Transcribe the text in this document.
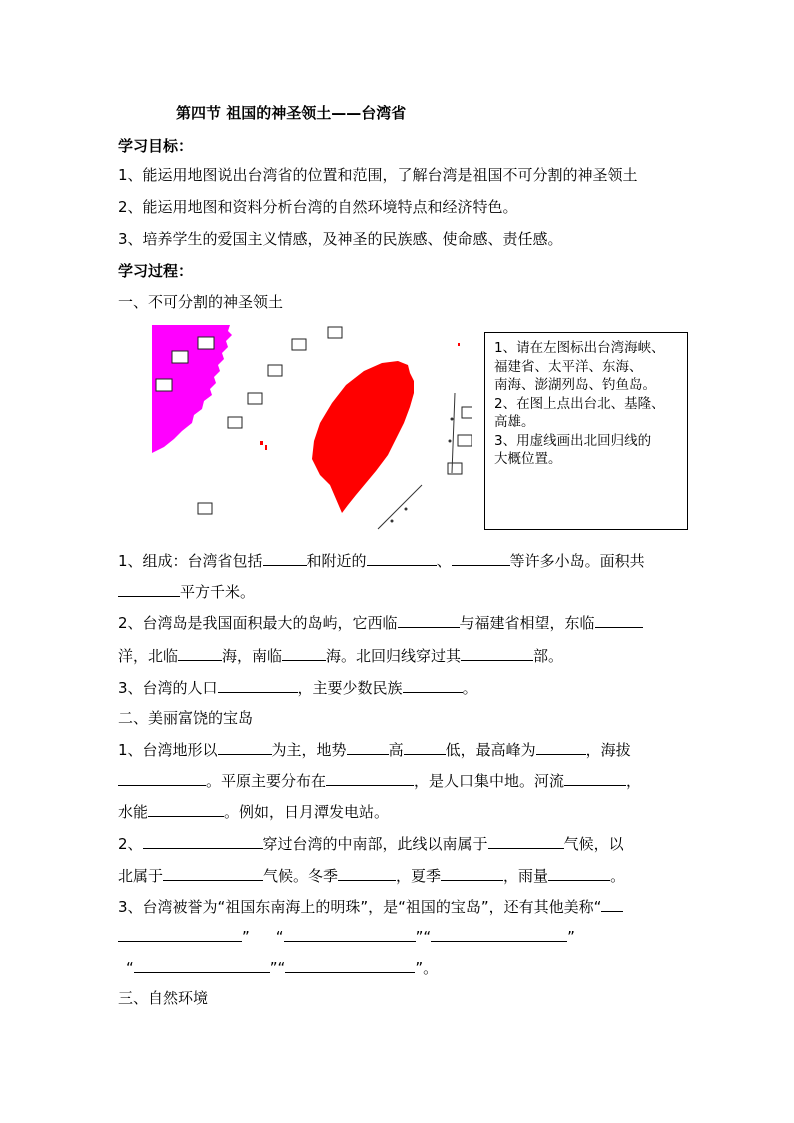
第四节 祖国的神圣领土——台湾省
学习目标：
1、能运用地图说出台湾省的位置和范围，了解台湾是祖国不可分割的神圣领土
2、能运用地图和资料分析台湾的自然环境特点和经济特色。
3、培养学生的爱国主义情感，及神圣的民族感、使命感、责任感。
学习过程：
一、不可分割的神圣领土
1、请在左图标出台湾海峡、
福建省、太平洋、东海、
南海、澎湖列岛、钓鱼岛。
2、在图上点出台北、基隆、
高雄。
3、用虚线画出北回归线的
大概位置。
1、组成：台湾省包括	和附近的	、	等许多小岛。面积共
平方千米。
2、台湾岛是我国面积最大的岛屿，它西临	与福建省相望，东临
洋，北临	海，南临	海。北回归线穿过其	部。
3、台湾的人口	，主要少数民族	。
二、美丽富饶的宝岛
1、台湾地形以	为主，地势	高	低，最高峰为	，海拔
。平原主要分布在	，是人口集中地。河流	，
水能	。例如，日月潭发电站。
2、	穿过台湾的中南部，此线以南属于	气候，以
北属于	气候。冬季	，夏季	，雨量	。
3、台湾被誉为“祖国东南海上的明珠”，是“祖国的宝岛”，还有其他美称“
” “	”“	”
“	”“	”。
三、自然环境
